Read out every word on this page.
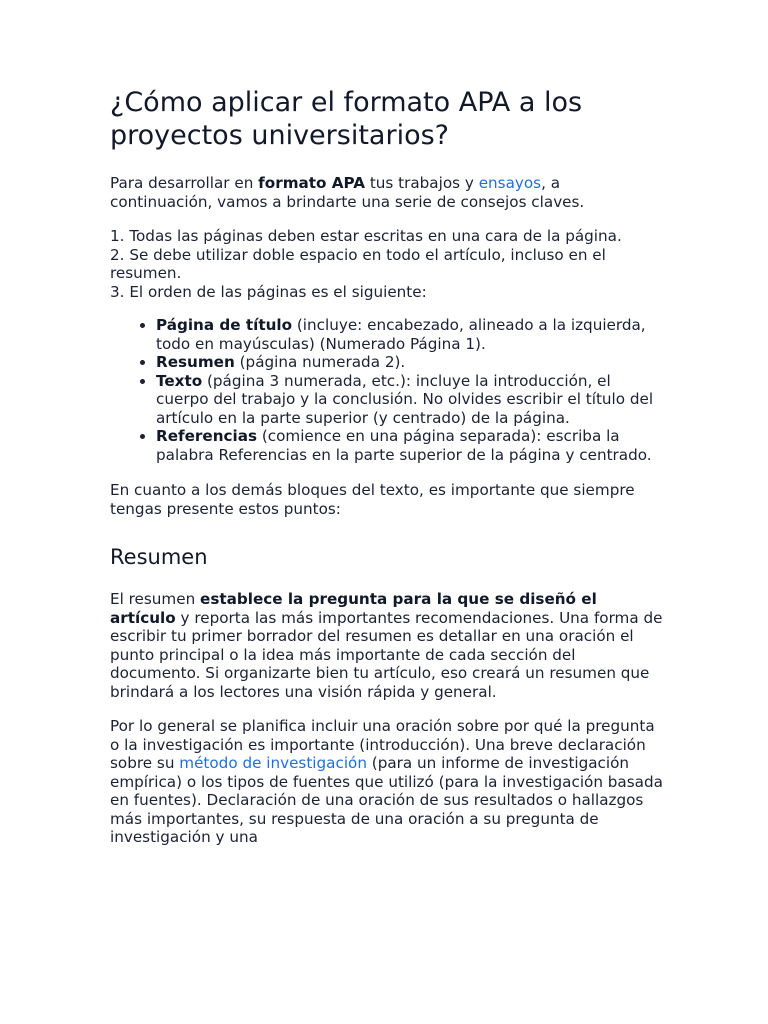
¿Cómo aplicar el formato APA a los proyectos universitarios?

Para desarrollar en formato APA tus trabajos y ensayos, a continuación, vamos a brindarte una serie de consejos claves.

1. Todas las páginas deben estar escritas en una cara de la página.
2. Se debe utilizar doble espacio en todo el artículo, incluso en el resumen.
3. El orden de las páginas es el siguiente:
• Página de título (incluye: encabezado, alineado a la izquierda, todo en mayúsculas) (Numerado Página 1).
• Resumen (página numerada 2).
• Texto (página 3 numerada, etc.): incluye la introducción, el cuerpo del trabajo y la conclusión. No olvides escribir el título del artículo en la parte superior (y centrado) de la página.
• Referencias (comience en una página separada): escriba la palabra Referencias en la parte superior de la página y centrado.

En cuanto a los demás bloques del texto, es importante que siempre tengas presente estos puntos:

Resumen

El resumen establece la pregunta para la que se diseñó el artículo y reporta las más importantes recomendaciones. Una forma de escribir tu primer borrador del resumen es detallar en una oración el punto principal o la idea más importante de cada sección del documento. Si organizarte bien tu artículo, eso creará un resumen que brindará a los lectores una visión rápida y general.

Por lo general se planifica incluir una oración sobre por qué la pregunta o la investigación es importante (introducción). Una breve declaración sobre su método de investigación (para un informe de investigación empírica) o los tipos de fuentes que utilizó (para la investigación basada en fuentes). Declaración de una oración de sus resultados o hallazgos más importantes, su respuesta de una oración a su pregunta de investigación y una
